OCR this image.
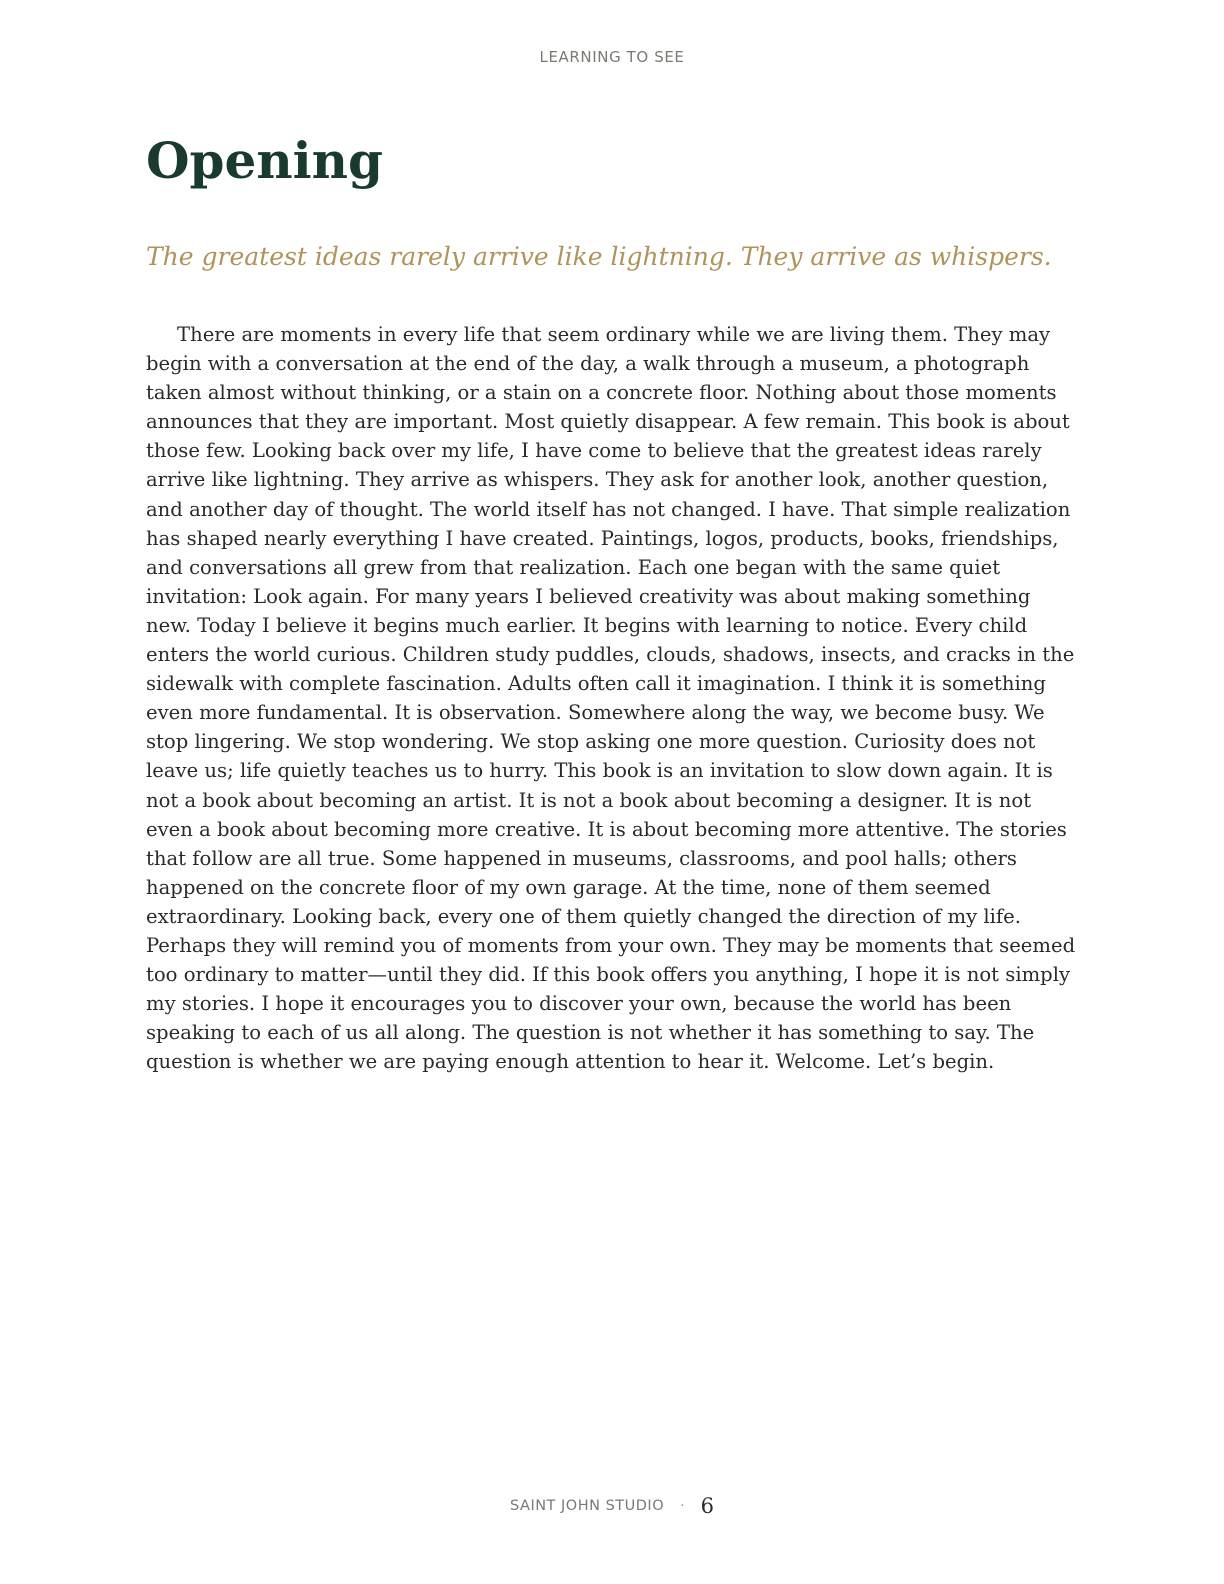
LEARNING TO SEE
Opening

The greatest ideas rarely arrive like lightning. They arrive as whispers.

There are moments in every life that seem ordinary while we are living them. They may begin with a conversation at the end of the day, a walk through a museum, a photograph taken almost without thinking, or a stain on a concrete floor. Nothing about those moments announces that they are important. Most quietly disappear. A few remain. This book is about those few. Looking back over my life, I have come to believe that the greatest ideas rarely arrive like lightning. They arrive as whispers. They ask for another look, another question, and another day of thought. The world itself has not changed. I have. That simple realization has shaped nearly everything I have created. Paintings, logos, products, books, friendships, and conversations all grew from that realization. Each one began with the same quiet invitation: Look again. For many years I believed creativity was about making something new. Today I believe it begins much earlier. It begins with learning to notice. Every child enters the world curious. Children study puddles, clouds, shadows, insects, and cracks in the sidewalk with complete fascination. Adults often call it imagination. I think it is something even more fundamental. It is observation. Somewhere along the way, we become busy. We stop lingering. We stop wondering. We stop asking one more question. Curiosity does not leave us; life quietly teaches us to hurry. This book is an invitation to slow down again. It is not a book about becoming an artist. It is not a book about becoming a designer. It is not even a book about becoming more creative. It is about becoming more attentive. The stories that follow are all true. Some happened in museums, classrooms, and pool halls; others happened on the concrete floor of my own garage. At the time, none of them seemed extraordinary. Looking back, every one of them quietly changed the direction of my life. Perhaps they will remind you of moments from your own. They may be moments that seemed too ordinary to matter—until they did. If this book offers you anything, I hope it is not simply my stories. I hope it encourages you to discover your own, because the world has been speaking to each of us all along. The question is not whether it has something to say. The question is whether we are paying enough attention to hear it. Welcome. Let’s begin.

SAINT JOHN STUDIO · 6
